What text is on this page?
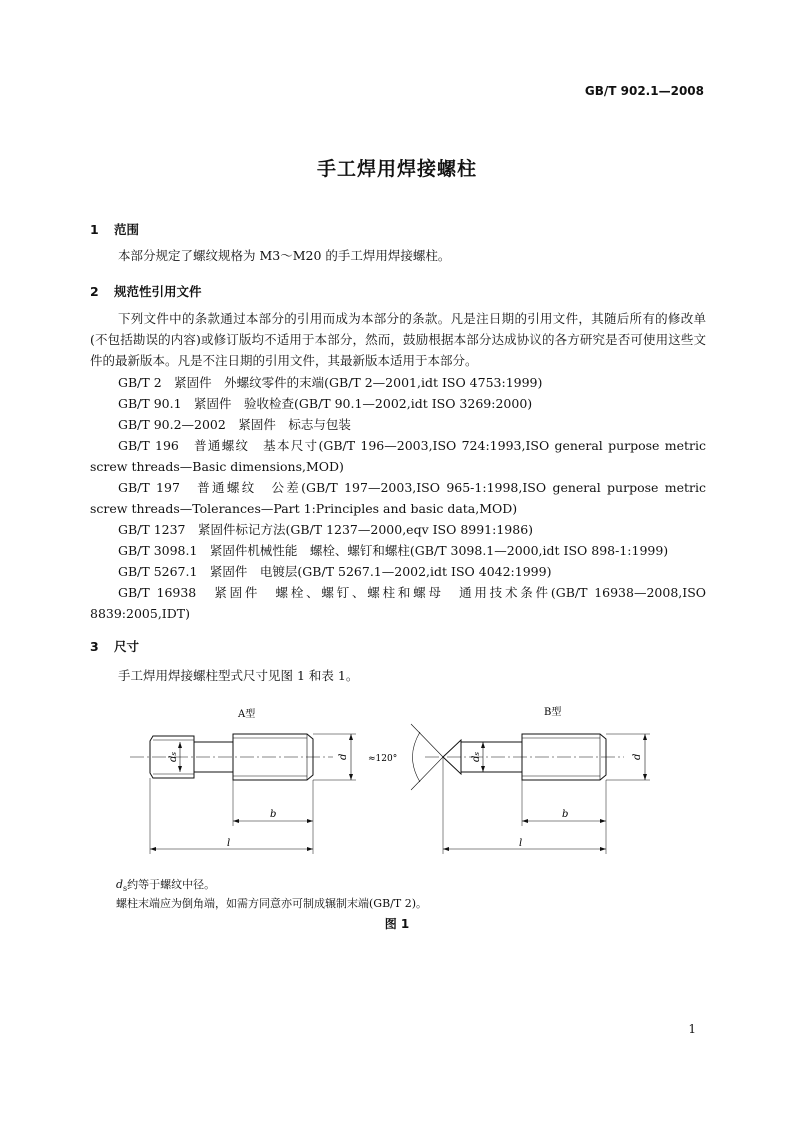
GB/T 902.1—2008
手工焊用焊接螺柱
1 范围
本部分规定了螺纹规格为 M3～M20 的手工焊用焊接螺柱。
2 规范性引用文件
下列文件中的条款通过本部分的引用而成为本部分的条款。凡是注日期的引用文件，其随后所有的修改单(不包括勘误的内容)或修订版均不适用于本部分，然而，鼓励根据本部分达成协议的各方研究是否可使用这些文件的最新版本。凡是不注日期的引用文件，其最新版本适用于本部分。
GB/T 2　紧固件　外螺纹零件的末端(GB/T 2—2001,idt ISO 4753:1999)
GB/T 90.1　紧固件　验收检查(GB/T 90.1—2002,idt ISO 3269:2000)
GB/T 90.2—2002　紧固件　标志与包装
GB/T 196　普通螺纹　基本尺寸(GB/T 196—2003,ISO 724:1993,ISO general purpose metric screw threads—Basic dimensions,MOD)
GB/T 197　普通螺纹　公差(GB/T 197—2003,ISO 965-1:1998,ISO general purpose metric screw threads—Tolerances—Part 1:Principles and basic data,MOD)
GB/T 1237　紧固件标记方法(GB/T 1237—2000,eqv ISO 8991:1986)
GB/T 3098.1　紧固件机械性能　螺栓、螺钉和螺柱(GB/T 3098.1—2000,idt ISO 898-1:1999)
GB/T 5267.1　紧固件　电镀层(GB/T 5267.1—2002,idt ISO 4042:1999)
GB/T 16938　紧固件　螺栓、螺钉、螺柱和螺母　通用技术条件(GB/T 16938—2008,ISO 8839:2005,IDT)
3 尺寸
手工焊用焊接螺柱型式尺寸见图 1 和表 1。
A型	B型
d
ds
b
l
≈120°	d
ds
b
l
$d_s$约等于螺纹中径。
螺柱末端应为倒角端，如需方同意亦可制成辗制末端(GB/T 2)。
图 1
1
